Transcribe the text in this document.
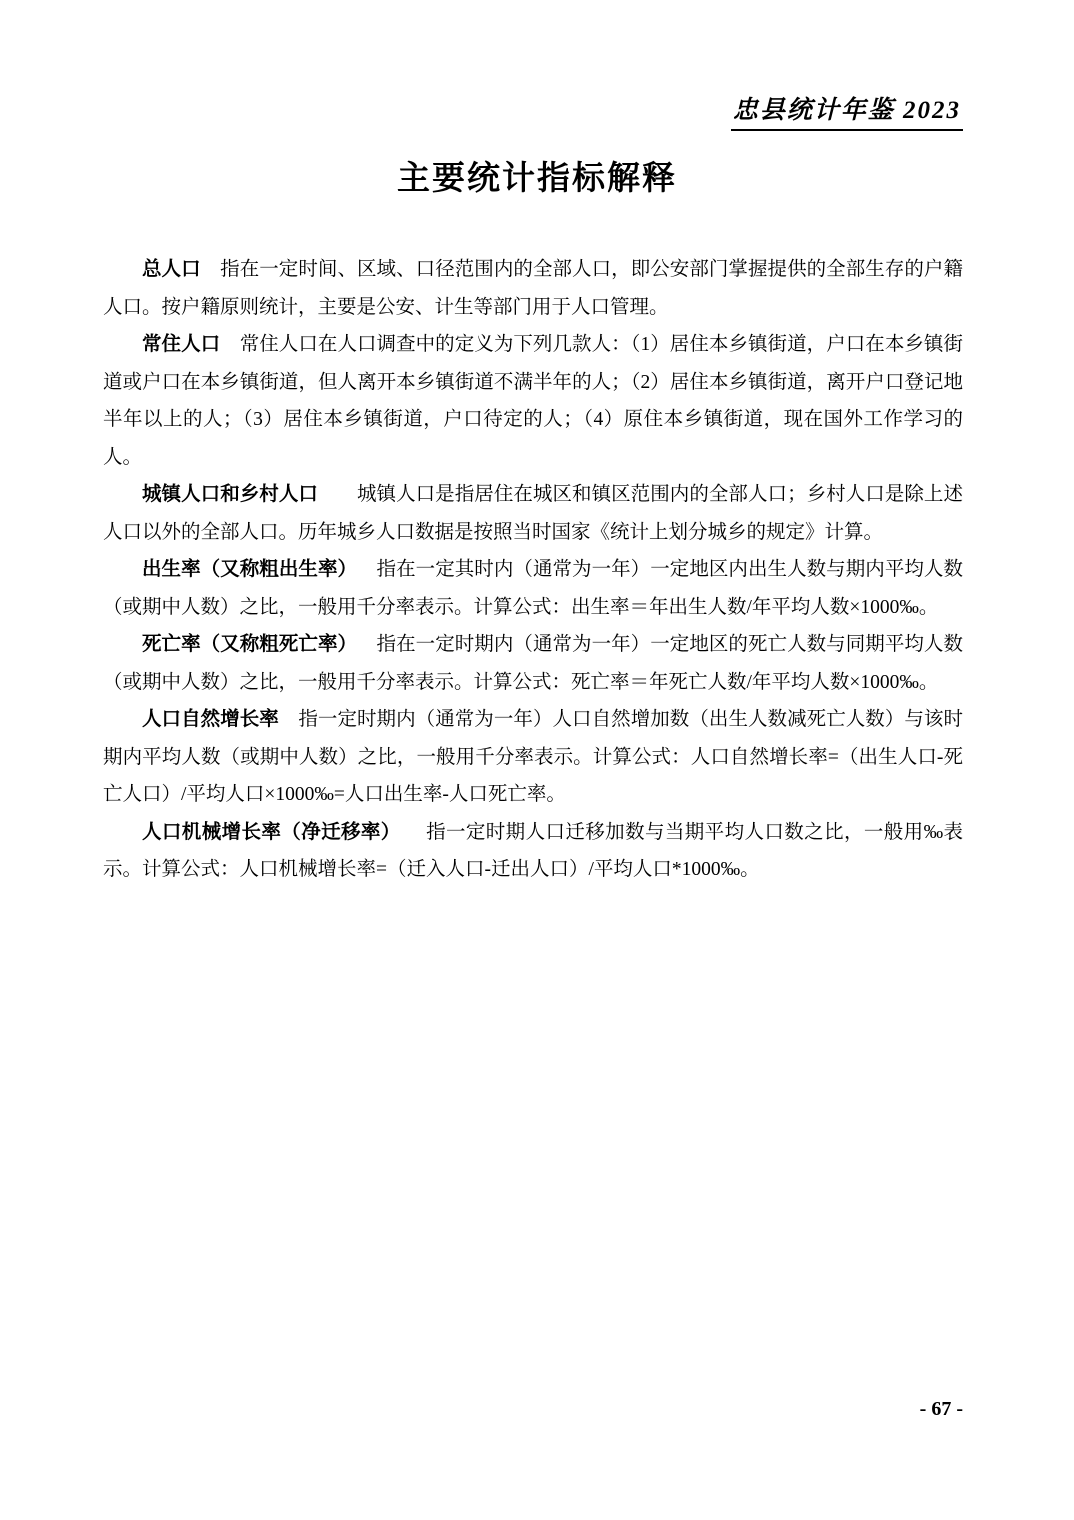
忠县统计年鉴 2023
主要统计指标解释

总人口 指在一定时间、区域、口径范围内的全部人口，即公安部门掌握提供的全部生存的户籍人口。按户籍原则统计，主要是公安、计生等部门用于人口管理。

常住人口 常住人口在人口调查中的定义为下列几款人：（1）居住本乡镇街道，户口在本乡镇街道或户口在本乡镇街道，但人离开本乡镇街道不满半年的人；（2）居住本乡镇街道，离开户口登记地半年以上的人；（3）居住本乡镇街道，户口待定的人；（4）原住本乡镇街道，现在国外工作学习的人。

城镇人口和乡村人口 城镇人口是指居住在城区和镇区范围内的全部人口；乡村人口是除上述人口以外的全部人口。历年城乡人口数据是按照当时国家《统计上划分城乡的规定》计算。

出生率（又称粗出生率） 指在一定其时内（通常为一年）一定地区内出生人数与期内平均人数（或期中人数）之比，一般用千分率表示。计算公式：出生率＝年出生人数/年平均人数×1000‰。

死亡率（又称粗死亡率） 指在一定时期内（通常为一年）一定地区的死亡人数与同期平均人数（或期中人数）之比，一般用千分率表示。计算公式：死亡率＝年死亡人数/年平均人数×1000‰。

人口自然增长率 指一定时期内（通常为一年）人口自然增加数（出生人数减死亡人数）与该时期内平均人数（或期中人数）之比，一般用千分率表示。计算公式：人口自然增长率=（出生人口-死亡人口）/平均人口×1000‰=人口出生率-人口死亡率。

人口机械增长率（净迁移率） 指一定时期人口迁移加数与当期平均人口数之比，一般用‰表示。计算公式：人口机械增长率=（迁入人口-迁出人口）/平均人口*1000‰。

- 67 -
